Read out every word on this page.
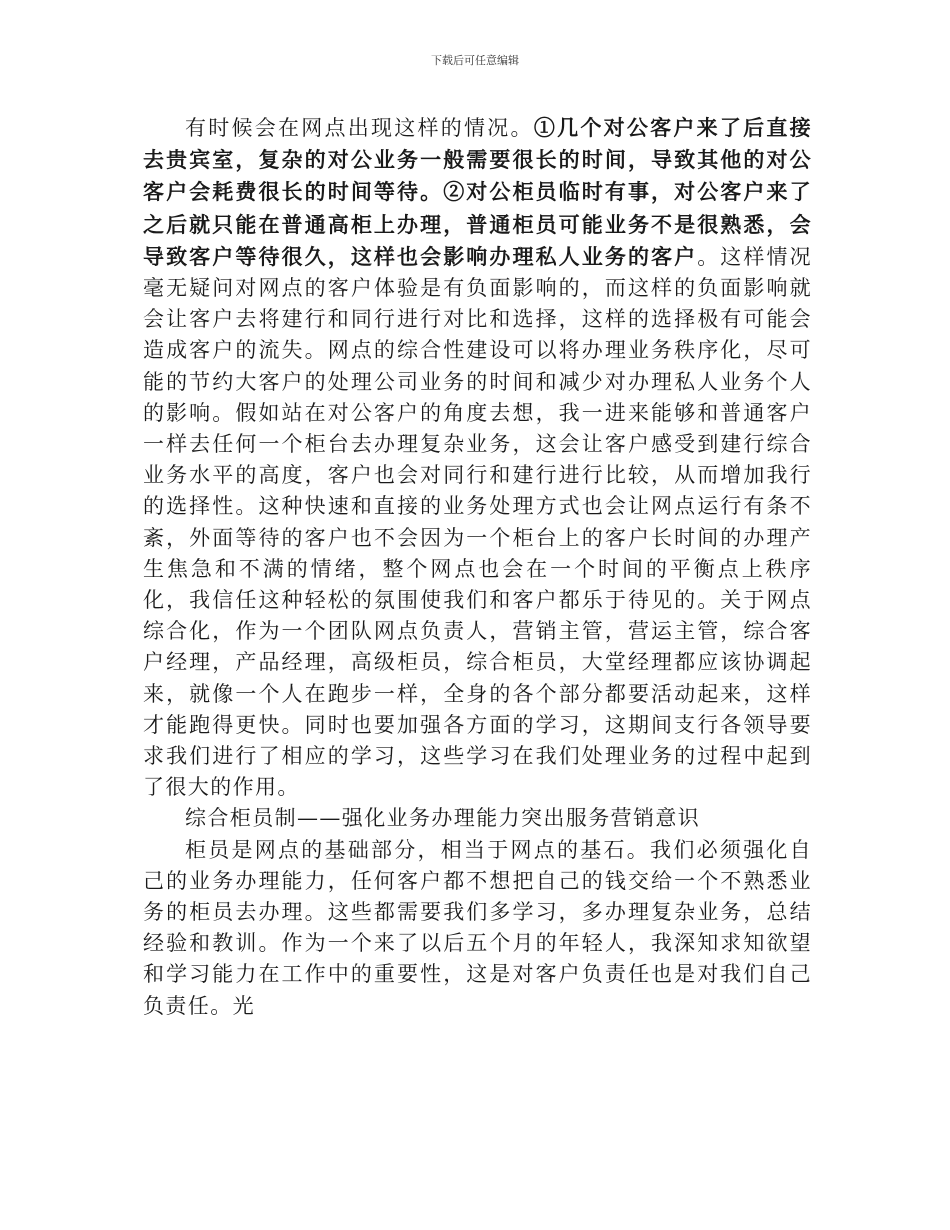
下载后可任意编辑

有时候会在网点出现这样的情况。①几个对公客户来了后直接去贵宾室，复杂的对公业务一般需要很长的时间，导致其他的对公客户会耗费很长的时间等待。②对公柜员临时有事，对公客户来了之后就只能在普通高柜上办理，普通柜员可能业务不是很熟悉，会导致客户等待很久，这样也会影响办理私人业务的客户。这样情况毫无疑问对网点的客户体验是有负面影响的，而这样的负面影响就会让客户去将建行和同行进行对比和选择，这样的选择极有可能会造成客户的流失。网点的综合性建设可以将办理业务秩序化，尽可能的节约大客户的处理公司业务的时间和减少对办理私人业务个人的影响。假如站在对公客户的角度去想，我一进来能够和普通客户一样去任何一个柜台去办理复杂业务，这会让客户感受到建行综合业务水平的高度，客户也会对同行和建行进行比较，从而增加我行的选择性。这种快速和直接的业务处理方式也会让网点运行有条不紊，外面等待的客户也不会因为一个柜台上的客户长时间的办理产生焦急和不满的情绪，整个网点也会在一个时间的平衡点上秩序化，我信任这种轻松的氛围使我们和客户都乐于待见的。关于网点综合化，作为一个团队网点负责人，营销主管，营运主管，综合客户经理，产品经理，高级柜员，综合柜员，大堂经理都应该协调起来，就像一个人在跑步一样，全身的各个部分都要活动起来，这样才能跑得更快。同时也要加强各方面的学习，这期间支行各领导要求我们进行了相应的学习，这些学习在我们处理业务的过程中起到了很大的作用。

综合柜员制——强化业务办理能力突出服务营销意识

柜员是网点的基础部分，相当于网点的基石。我们必须强化自己的业务办理能力，任何客户都不想把自己的钱交给一个不熟悉业务的柜员去办理。这些都需要我们多学习，多办理复杂业务，总结经验和教训。作为一个来了以后五个月的年轻人，我深知求知欲望和学习能力在工作中的重要性，这是对客户负责任也是对我们自己负责任。光
